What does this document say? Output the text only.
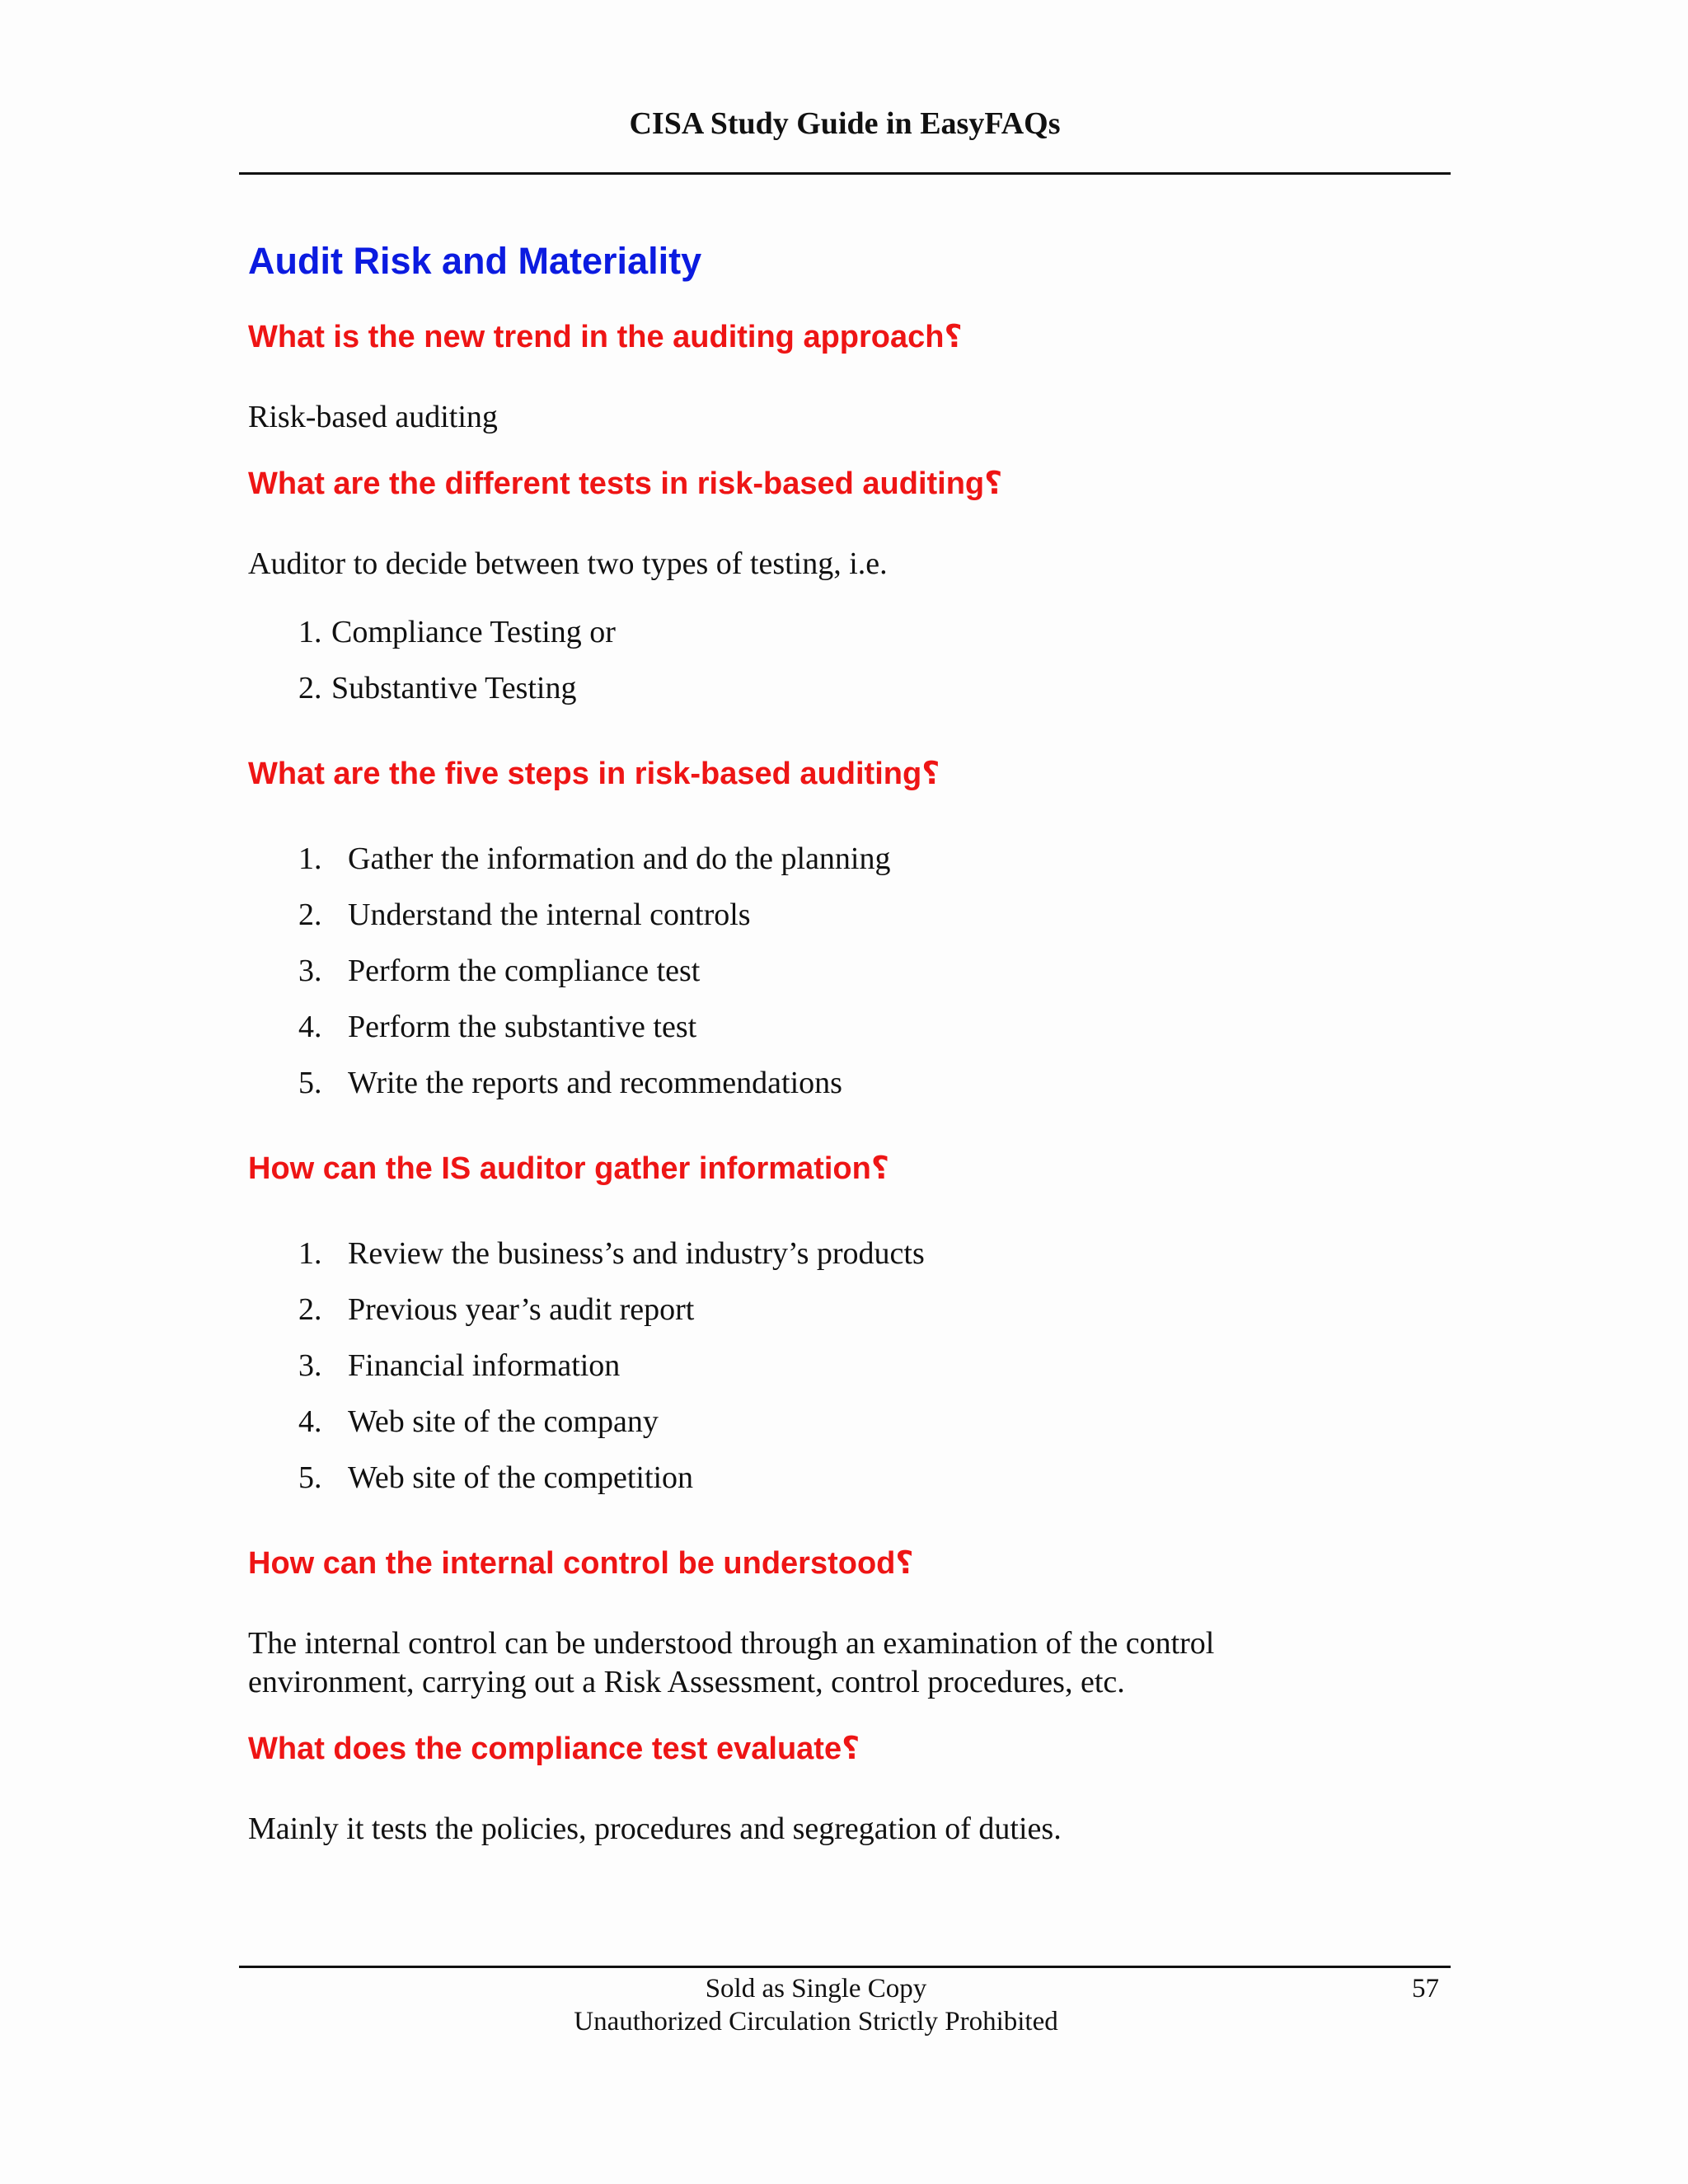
CISA Study Guide in EasyFAQs
Audit Risk and Materiality
What is the new trend in the auditing approach؟

Risk-based auditing

What are the different tests in risk-based auditing؟

Auditor to decide between two types of testing, i.e.

1. Compliance Testing or
2. Substantive Testing
What are the five steps in risk-based auditing؟
1. Gather the information and do the planning
2. Understand the internal controls
3. Perform the compliance test
4. Perform the substantive test
5. Write the reports and recommendations
How can the IS auditor gather information؟
1. Review the business’s and industry’s products
2. Previous year’s audit report
3. Financial information
4. Web site of the company
5. Web site of the competition
How can the internal control be understood؟

The internal control can be understood through an examination of the control
environment, carrying out a Risk Assessment, control procedures, etc.

What does the compliance test evaluate؟

Mainly it tests the policies, procedures and segregation of duties.

Sold as Single Copy
Unauthorized Circulation Strictly Prohibited
57
